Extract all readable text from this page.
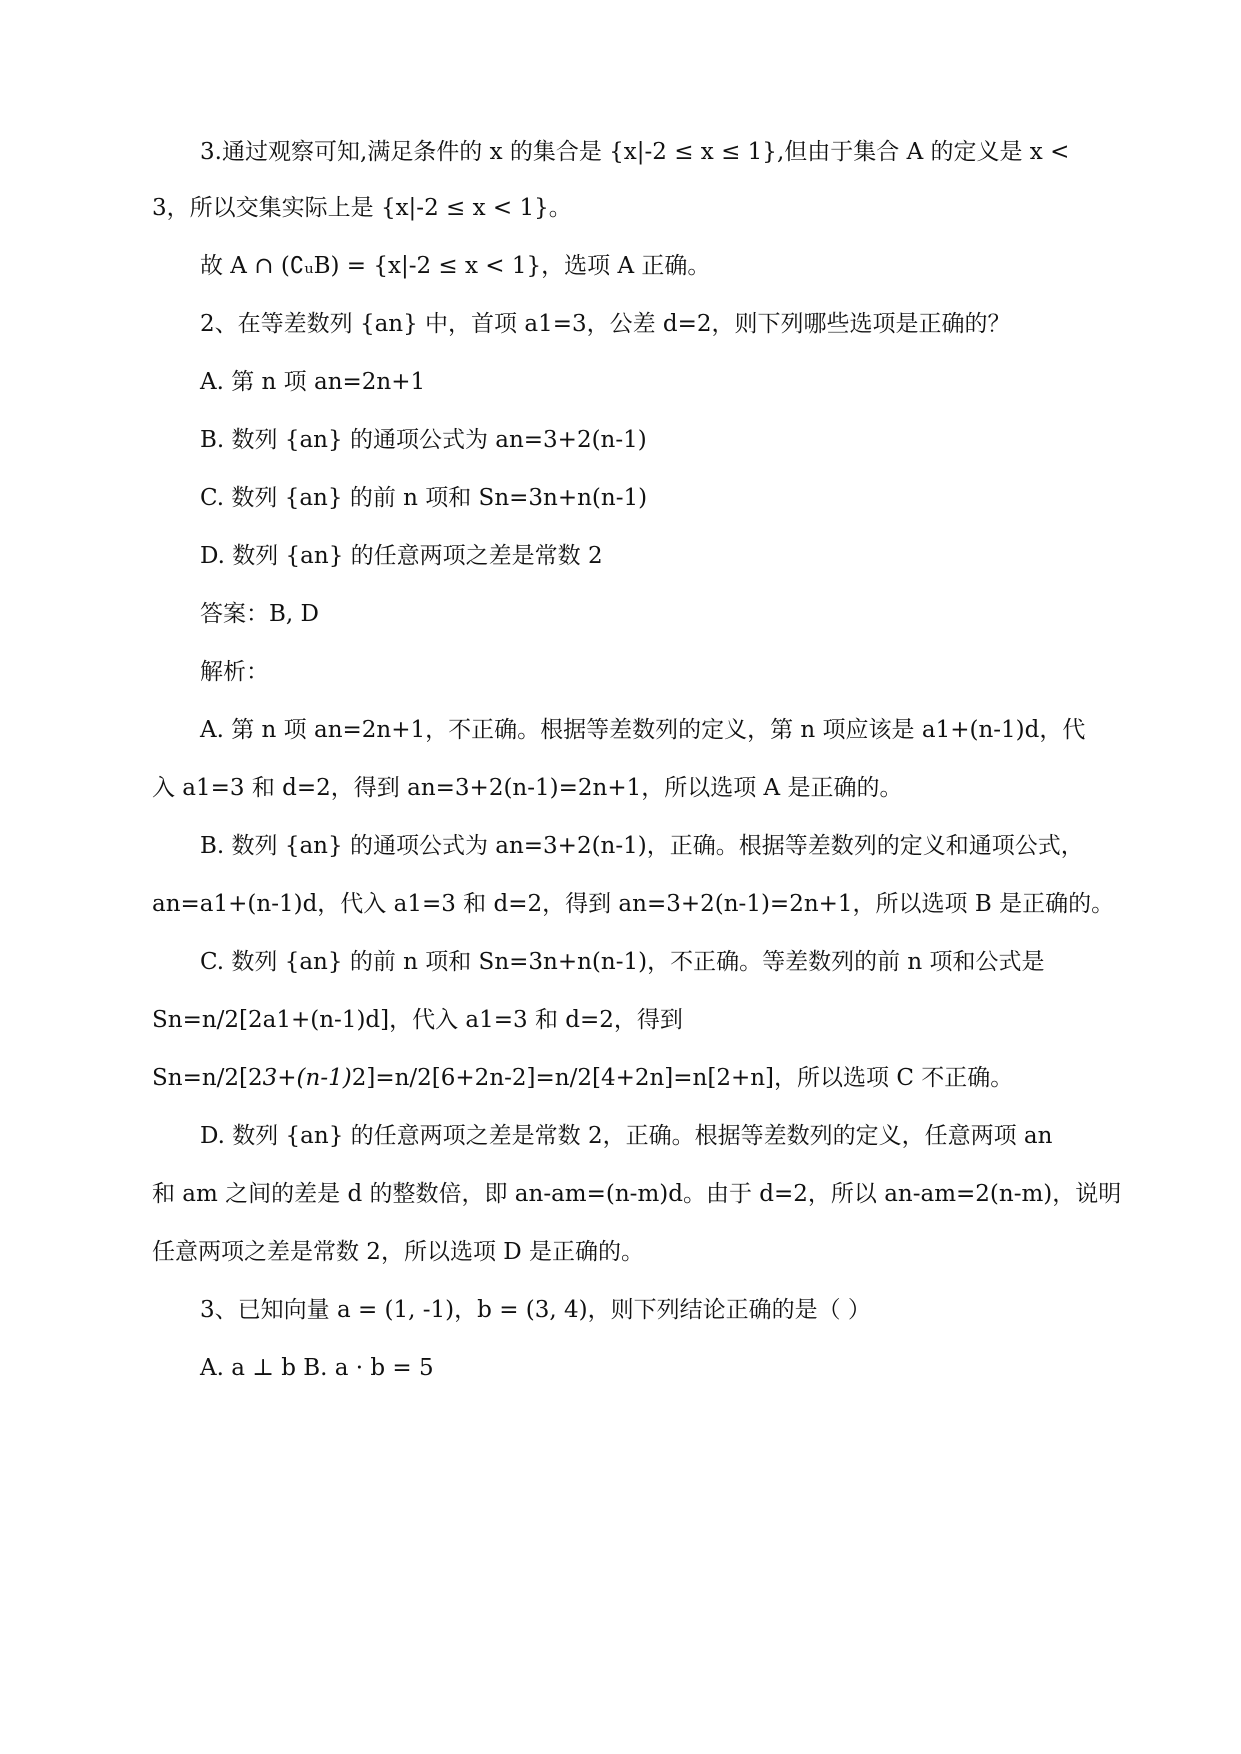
3.通过观察可知,满足条件的 x 的集合是 {x|-2 ≤ x ≤ 1},但由于集合 A 的定义是 x <
3，所以交集实际上是 {x|-2 ≤ x < 1}。
故 A ∩ (∁ᵤB) = {x|-2 ≤ x < 1}，选项 A 正确。
2、在等差数列 {an} 中，首项 a1=3，公差 d=2，则下列哪些选项是正确的？
A. 第 n 项 an=2n+1
B. 数列 {an} 的通项公式为 an=3+2(n-1)
C. 数列 {an} 的前 n 项和 Sn=3n+n(n-1)
D. 数列 {an} 的任意两项之差是常数 2
答案：B, D
解析：
A. 第 n 项 an=2n+1，不正确。根据等差数列的定义，第 n 项应该是 a1+(n-1)d，代
入 a1=3 和 d=2，得到 an=3+2(n-1)=2n+1，所以选项 A 是正确的。
B. 数列 {an} 的通项公式为 an=3+2(n-1)，正确。根据等差数列的定义和通项公式，
an=a1+(n-1)d，代入 a1=3 和 d=2，得到 an=3+2(n-1)=2n+1，所以选项 B 是正确的。
C. 数列 {an} 的前 n 项和 Sn=3n+n(n-1)，不正确。等差数列的前 n 项和公式是
Sn=n/2[2a1+(n-1)d]，代入 a1=3 和 d=2，得到
Sn=n/2[23+(n-1)2]=n/2[6+2n-2]=n/2[4+2n]=n[2+n]，所以选项 C 不正确。
D. 数列 {an} 的任意两项之差是常数 2，正确。根据等差数列的定义，任意两项 an
和 am 之间的差是 d 的整数倍，即 an-am=(n-m)d。由于 d=2，所以 an-am=2(n-m)，说明
任意两项之差是常数 2，所以选项 D 是正确的。
3、已知向量 a = (1, -1)，b = (3, 4)，则下列结论正确的是（ ）
A. a ⊥ b B. a · b = 5
